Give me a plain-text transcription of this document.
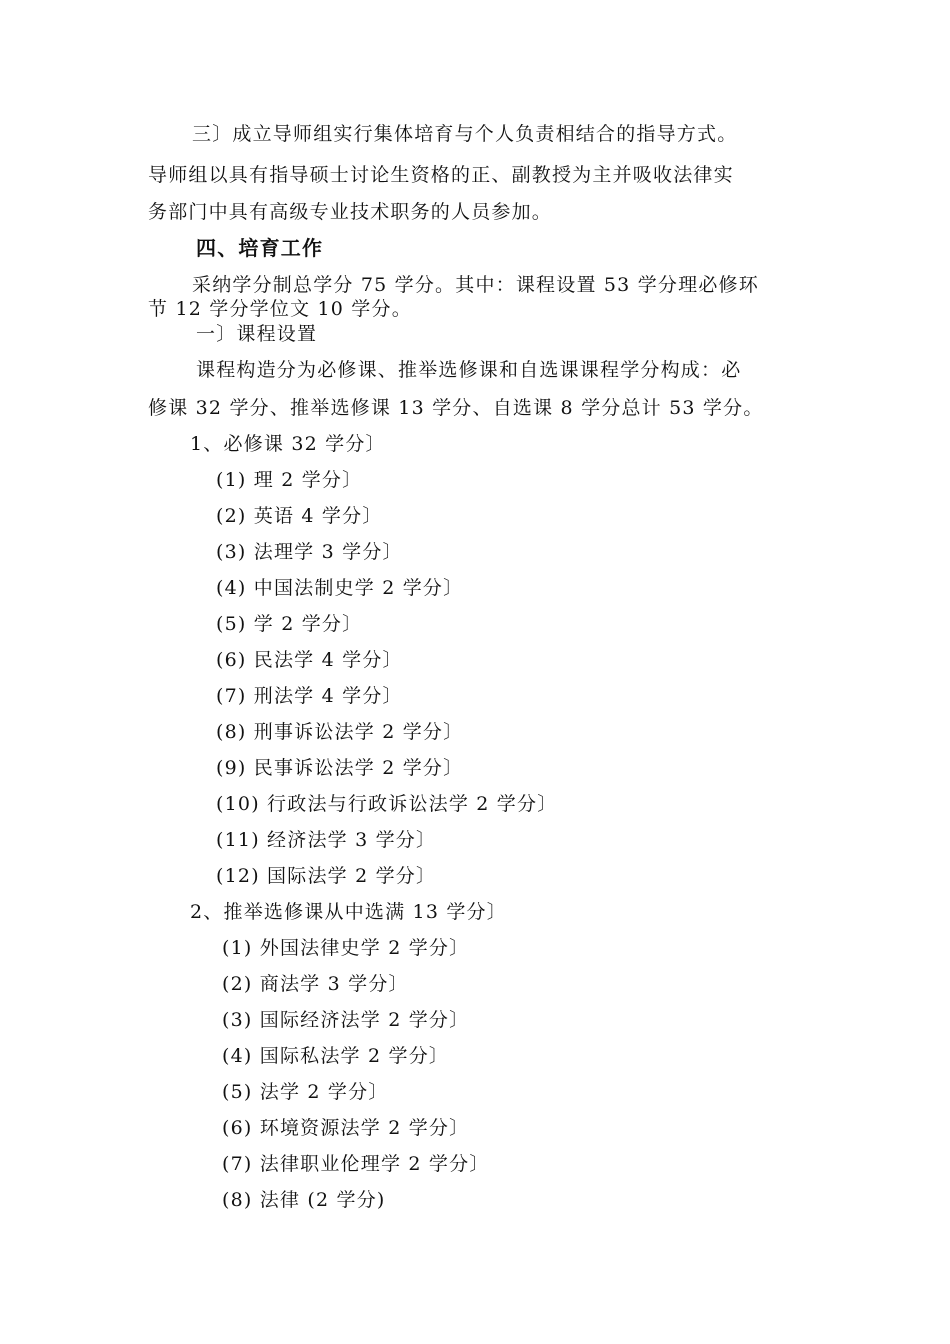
三〕成立导师组实行集体培育与个人负责相结合的指导方式。
导师组以具有指导硕士讨论生资格的正、副教授为主并吸收法律实
务部门中具有高级专业技术职务的人员参加。
四、培育工作
采纳学分制总学分 75 学分。其中：课程设置 53 学分理必修环
节 12 学分学位文 10 学分。
一〕课程设置
课程构造分为必修课、推举选修课和自选课课程学分构成：必
修课 32 学分、推举选修课 13 学分、自选课 8 学分总计 53 学分。
1、必修课 32 学分〕
(1) 理 2 学分〕
(2) 英语 4 学分〕
(3) 法理学 3 学分〕
(4) 中国法制史学 2 学分〕
(5) 学 2 学分〕
(6) 民法学 4 学分〕
(7) 刑法学 4 学分〕
(8) 刑事诉讼法学 2 学分〕
(9) 民事诉讼法学 2 学分〕
(10) 行政法与行政诉讼法学 2 学分〕
(11) 经济法学 3 学分〕
(12) 国际法学 2 学分〕
2、推举选修课从中选满 13 学分〕
(1) 外国法律史学 2 学分〕
(2) 商法学 3 学分〕
(3) 国际经济法学 2 学分〕
(4) 国际私法学 2 学分〕
(5) 法学 2 学分〕
(6) 环境资源法学 2 学分〕
(7) 法律职业伦理学 2 学分〕
(8) 法律 (2 学分)
